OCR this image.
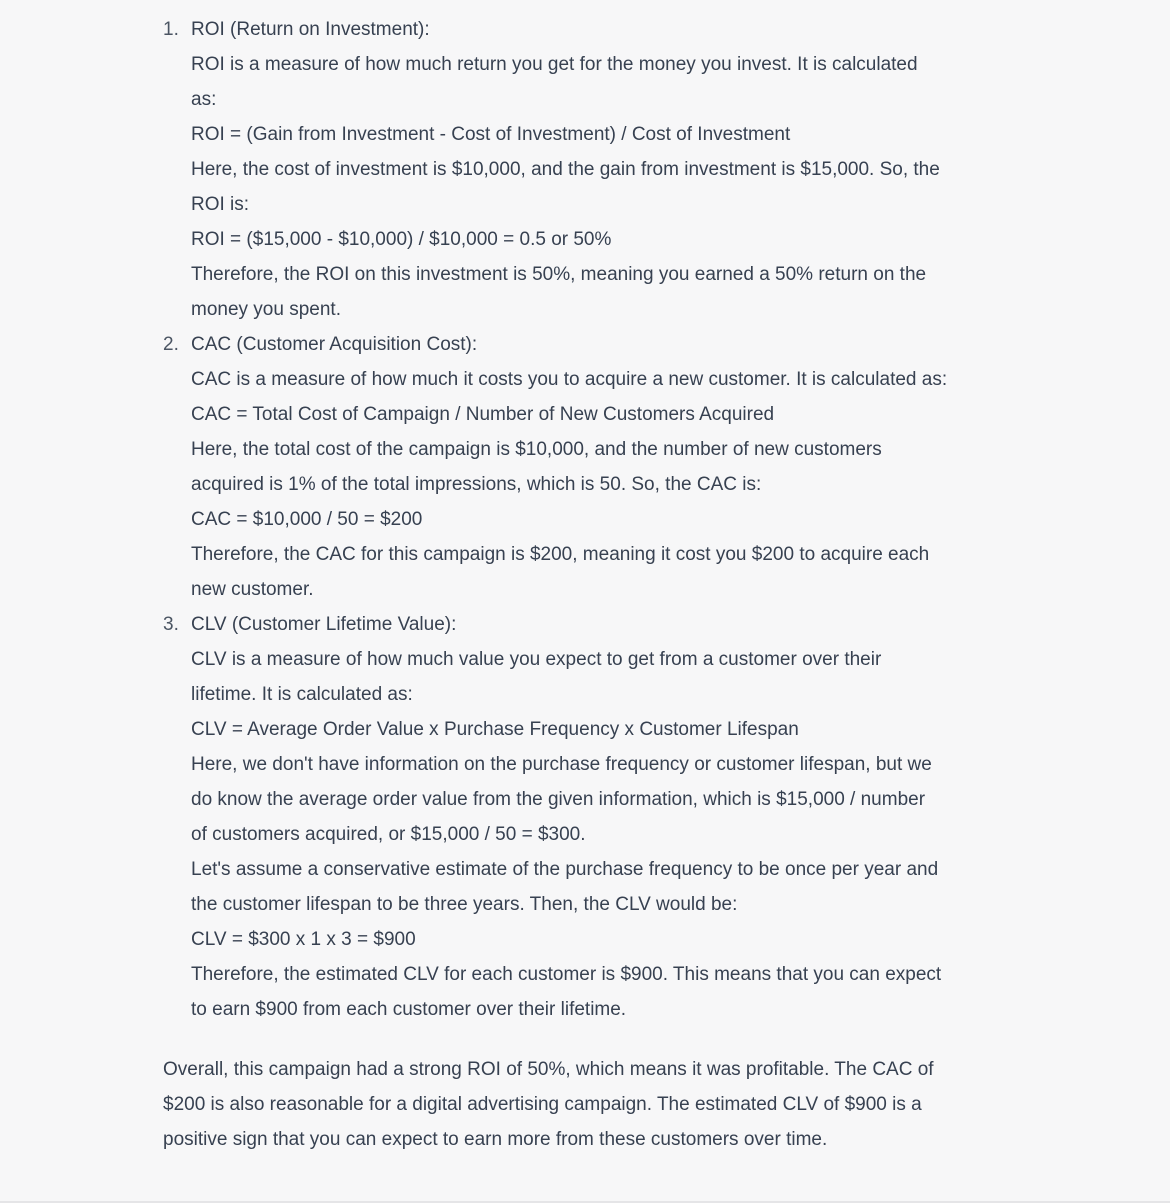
1. ROI (Return on Investment):
ROI is a measure of how much return you get for the money you invest. It is calculated
as:
ROI = (Gain from Investment - Cost of Investment) / Cost of Investment
Here, the cost of investment is $10,000, and the gain from investment is $15,000. So, the
ROI is:
ROI = ($15,000 - $10,000) / $10,000 = 0.5 or 50%
Therefore, the ROI on this investment is 50%, meaning you earned a 50% return on the
money you spent.
2. CAC (Customer Acquisition Cost):
CAC is a measure of how much it costs you to acquire a new customer. It is calculated as:
CAC = Total Cost of Campaign / Number of New Customers Acquired
Here, the total cost of the campaign is $10,000, and the number of new customers
acquired is 1% of the total impressions, which is 50. So, the CAC is:
CAC = $10,000 / 50 = $200
Therefore, the CAC for this campaign is $200, meaning it cost you $200 to acquire each
new customer.
3. CLV (Customer Lifetime Value):
CLV is a measure of how much value you expect to get from a customer over their
lifetime. It is calculated as:
CLV = Average Order Value x Purchase Frequency x Customer Lifespan
Here, we don't have information on the purchase frequency or customer lifespan, but we
do know the average order value from the given information, which is $15,000 / number
of customers acquired, or $15,000 / 50 = $300.
Let's assume a conservative estimate of the purchase frequency to be once per year and
the customer lifespan to be three years. Then, the CLV would be:
CLV = $300 x 1 x 3 = $900
Therefore, the estimated CLV for each customer is $900. This means that you can expect
to earn $900 from each customer over their lifetime.
Overall, this campaign had a strong ROI of 50%, which means it was profitable. The CAC of
$200 is also reasonable for a digital advertising campaign. The estimated CLV of $900 is a
positive sign that you can expect to earn more from these customers over time.
